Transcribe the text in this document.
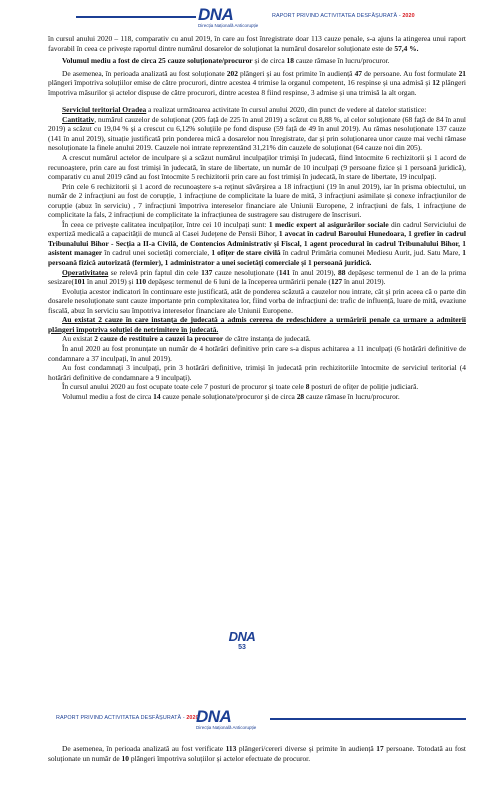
DNA
Direcția Națională Anticorupție
RAPORT PRIVIND ACTIVITATEA DESFĂȘURATĂ - 2020

în cursul anului 2020 – 118, comparativ cu anul 2019, în care au fost înregistrate doar 113 cauze penale, s-a ajuns la atingerea unui raport favorabil în ceea ce privește raportul dintre numărul dosarelor de soluționat la numărul dosarelor soluționate este de 57,4 %.

Volumul mediu a fost de circa 25 cauze soluționate/procuror și de circa 18 cauze rămase în lucru/procuror.

De asemenea, în perioada analizată au fost soluționate 202 plângeri și au fost primite în audiență 47 de persoane. Au fost formulate 21 plângeri împotriva soluțiilor emise de către procurori, dintre acestea 4 trimise la organul competent, 16 respinse și una admisă și 12 plângeri împotriva măsurilor și actelor dispuse de către procurori, dintre acestea 8 fiind respinse, 3 admise și una trimisă la alt organ.

Serviciul teritorial Oradea a realizat următoarea activitate în cursul anului 2020, din punct de vedere al datelor statistice:

Cantitativ, numărul cauzelor de soluționat (205 față de 225 în anul 2019) a scăzut cu 8,88 %, al celor soluționate (68 față de 84 în anul 2019) a scăzut cu 19,04 % și a crescut cu 6,12% soluțiile pe fond dispuse (59 față de 49 în anul 2019). Au rămas nesoluționate 137 cauze (141 în anul 2019), situație justificată prin ponderea mică a dosarelor nou înregistrate, dar și prin soluționarea unor cauze mai vechi rămase nesoluționate la finele anului 2019. Cauzele noi intrate reprezentând 31,21% din cauzele de soluționat (64 cauze noi din 205).

A crescut numărul actelor de inculpare și a scăzut numărul inculpaților trimiși în judecată, fiind întocmite 6 rechizitorii și 1 acord de recunoaștere, prin care au fost trimiși în judecată, în stare de libertate, un număr de 10 inculpați (9 persoane fizice și 1 persoană juridică), comparativ cu anul 2019 când au fost întocmite 5 rechizitorii prin care au fost trimiși în judecată, în stare de libertate, 19 inculpați.

Prin cele 6 rechizitorii și 1 acord de recunoaștere s-a reținut săvârșirea a 18 infracțiuni (19 în anul 2019), iar în prisma obiectului, un număr de 2 infracțiuni au fost de corupție, 1 infracțiune de complicitate la luare de mită, 3 infracțiuni asimilate și conexe infracțiunilor de corupție (abuz în serviciu) , 7 infracțiuni împotriva intereselor financiare ale Uniunii Europene, 2 infracțiuni de fals, 1 infracțiune de complicitate la fals, 2 infracțiuni de complicitate la infracțiunea de sustragere sau distrugere de înscrisuri.

În ceea ce privește calitatea inculpaților, între cei 10 inculpați sunt: 1 medic expert al asigurărilor sociale din cadrul Serviciului de expertiză medicală a capacității de muncă al Casei Județene de Pensii Bihor, 1 avocat în cadrul Baroului Hunedoara, 1 grefier în cadrul Tribunalului Bihor - Secția a II-a Civilă, de Contencios Administrativ și Fiscal, 1 agent procedural în cadrul Tribunalului Bihor, 1 asistent manager în cadrul unei societăți comerciale, 1 ofițer de stare civilă în cadrul Primăria comunei Mediesu Aurit, jud. Satu Mare, 1 persoană fizică autorizată (fermier), 1 administrator a unei societăți comerciale și 1 persoană juridică.

Operativitatea se relevă prin faptul din cele 137 cauze nesoluționate (141 în anul 2019), 88 depășesc termenul de 1 an de la prima sesizare(101 în anul 2019) și 110 depășesc termenul de 6 luni de la începerea urmăririi penale (127 în anul 2019).

Evoluția acestor indicatori în continuare este justificată, atât de ponderea scăzută a cauzelor nou intrate, cât și prin aceea că o parte din dosarele nesoluționate sunt cauze importante prin complexitatea lor, fiind vorba de infracțiuni de: trafic de influență, luare de mită, evaziune fiscală, abuz în serviciu sau împotriva intereselor financiare ale Uniunii Europene.

Au existat 2 cauze în care instanța de judecată a admis cererea de redeschidere a urmăririi penale ca urmare a admiterii plângeri împotriva soluției de netrimitere în judecată.

Au existat 2 cauze de restituire a cauzei la procuror de către instanța de judecată.

În anul 2020 au fost pronunțate un număr de 4 hotărâri definitive prin care s-a dispus achitarea a 11 inculpați (6 hotărâri definitive de condamnare a 37 inculpați, în anul 2019).

Au fost condamnați 3 inculpați, prin 3 hotărâri definitive, trimiși în judecată prin rechizitoriile întocmite de serviciul teritorial (4 hotărâri definitive de condamnare a 9 inculpați).

În cursul anului 2020 au fost ocupate toate cele 7 posturi de procuror și toate cele 8 posturi de ofițer de poliție judiciară.

Volumul mediu a fost de circa 14 cauze penale soluționate/procuror și de circa 28 cauze rămase în lucru/procuror.

DNA
53
RAPORT PRIVIND ACTIVITATEA DESFĂȘURATĂ - 2020
DNA
Direcția Națională Anticorupție

De asemenea, în perioada analizată au fost verificate 113 plângeri/cereri diverse și primite în audiență 17 persoane. Totodată au fost soluționate un număr de 10 plângeri împotriva soluțiilor și actelor efectuate de procuror.
